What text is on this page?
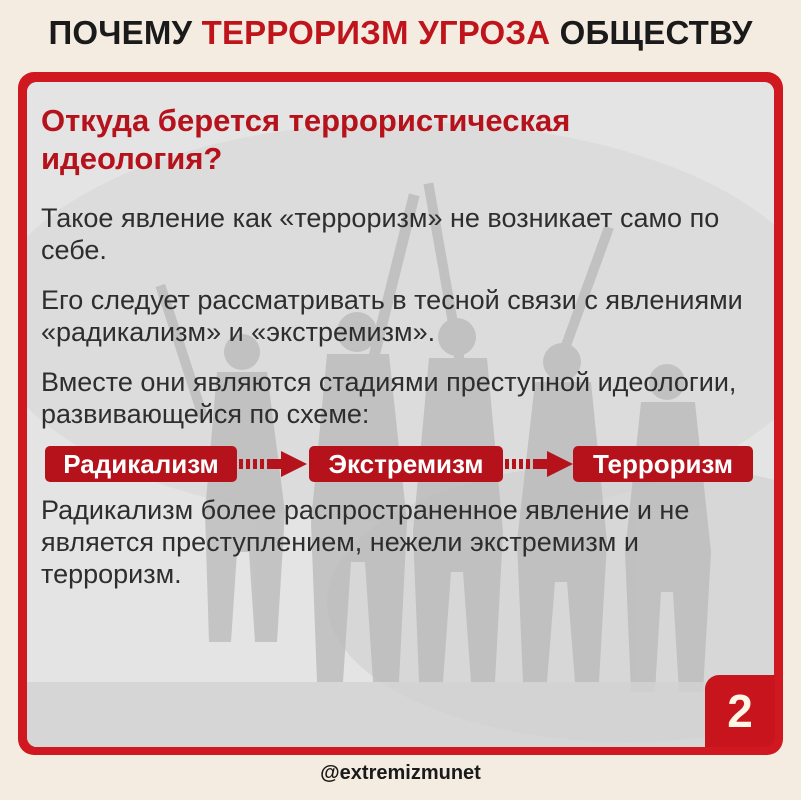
ПОЧЕМУ ТЕРРОРИЗМ УГРОЗА ОБЩЕСТВУ
Откуда берется террористическая идеология?
Такое явление как «терроризм» не возникает само по себе.
Его следует рассматривать в тесной связи с явлениями «радикализм» и «экстремизм».
Вместе они являются стадиями преступной идеологии, развивающейся по схеме:
Радикализм	Экстремизм	Терроризм
Радикализм более распространенное явление и не является преступлением, нежели экстремизм и терроризм.
2
@extremizmunet
